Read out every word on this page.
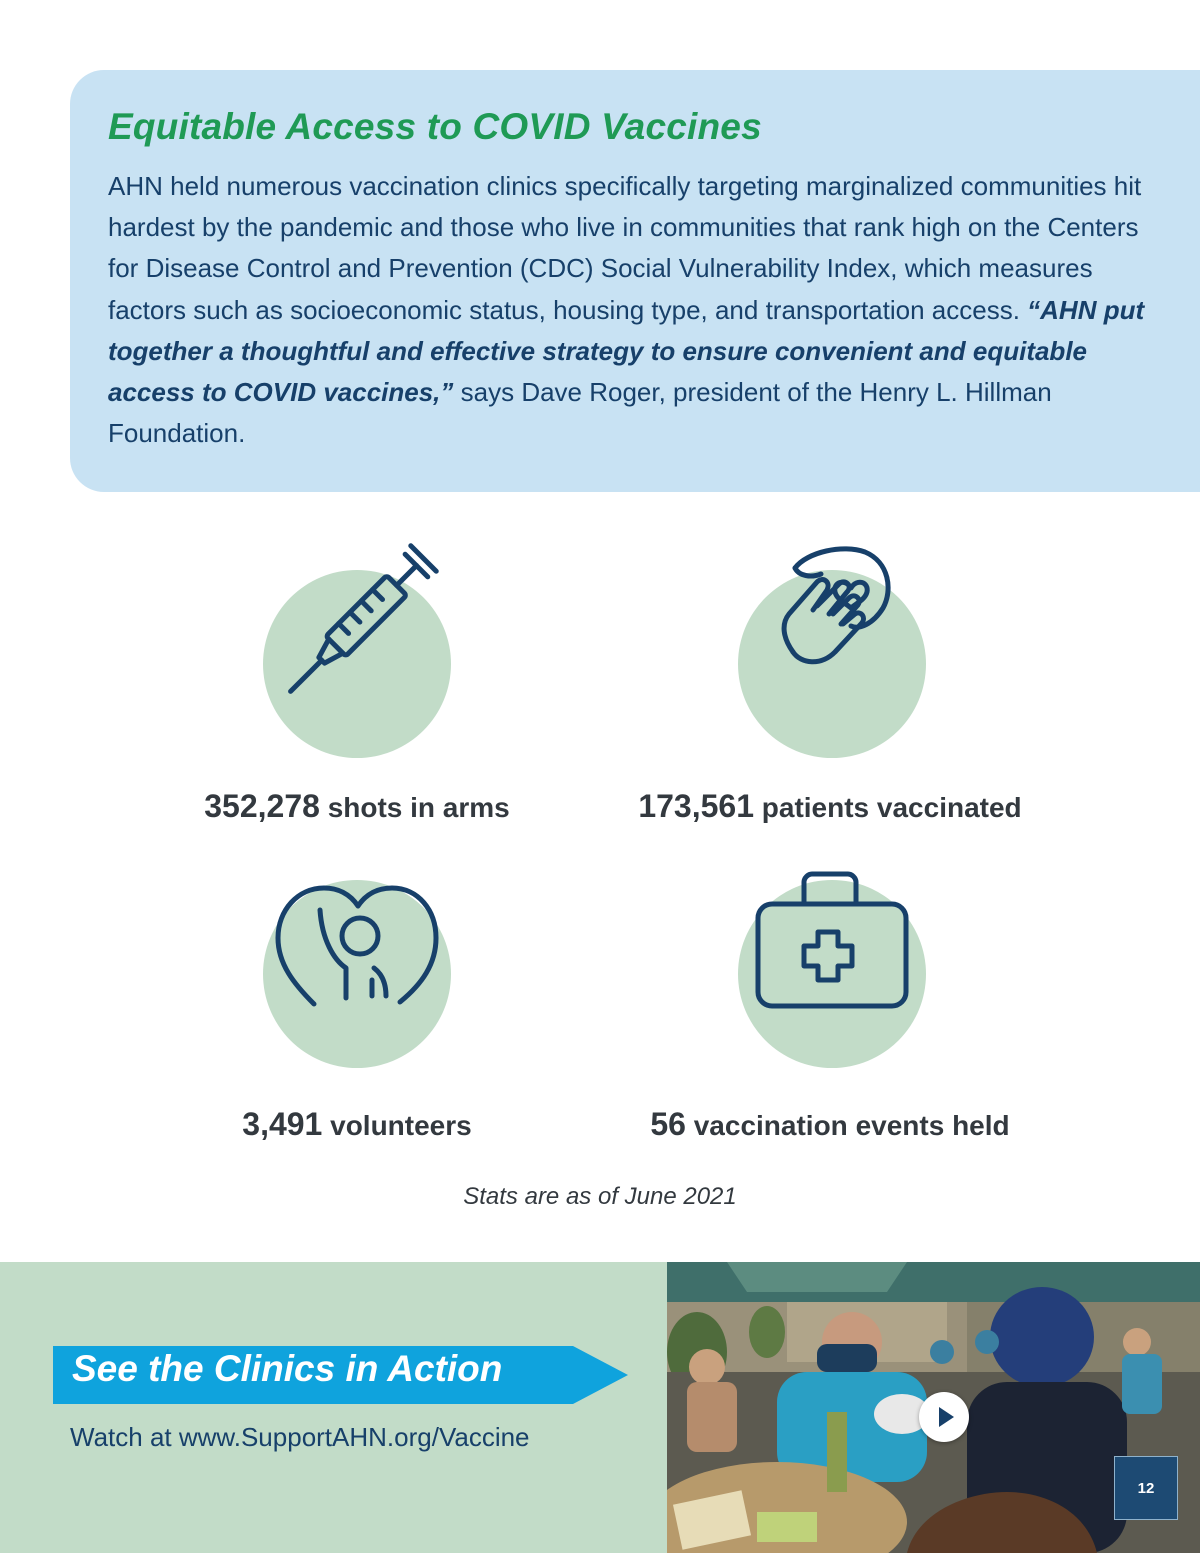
Equitable Access to COVID Vaccines

AHN held numerous vaccination clinics specifically targeting marginalized communities hit hardest by the pandemic and those who live in communities that rank high on the Centers for Disease Control and Prevention (CDC) Social Vulnerability Index, which measures factors such as socioeconomic status, housing type, and transportation access. “AHN put together a thoughtful and effective strategy to ensure convenient and equitable access to COVID vaccines,” says Dave Roger, president of the Henry L. Hillman Foundation.

352,278 shots in arms	173,561 patients vaccinated
3,491 volunteers	56 vaccination events held
Stats are as of June 2021
See the Clinics in Action
Watch at www.SupportAHN.org/Vaccine
12
